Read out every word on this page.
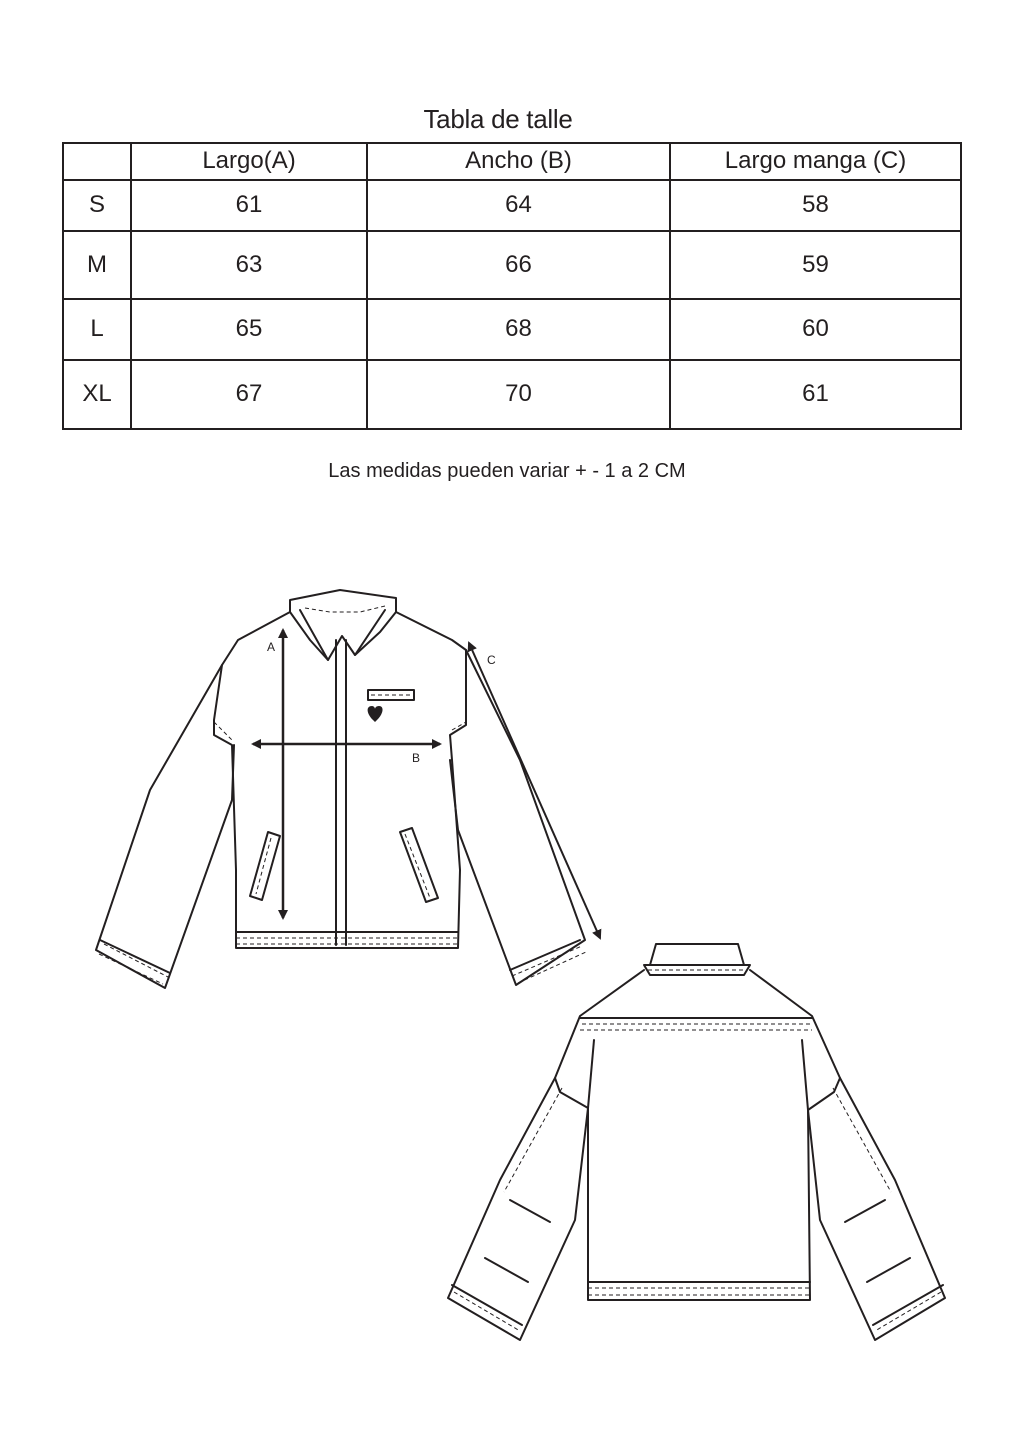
Tabla de talle
	Largo(A)	Ancho (B)	Largo manga (C)
S	61	64	58
M	63	66	59
L	65	68	60
XL	67	70	61
Las medidas pueden variar + - 1 a 2 CM
A
B
C
